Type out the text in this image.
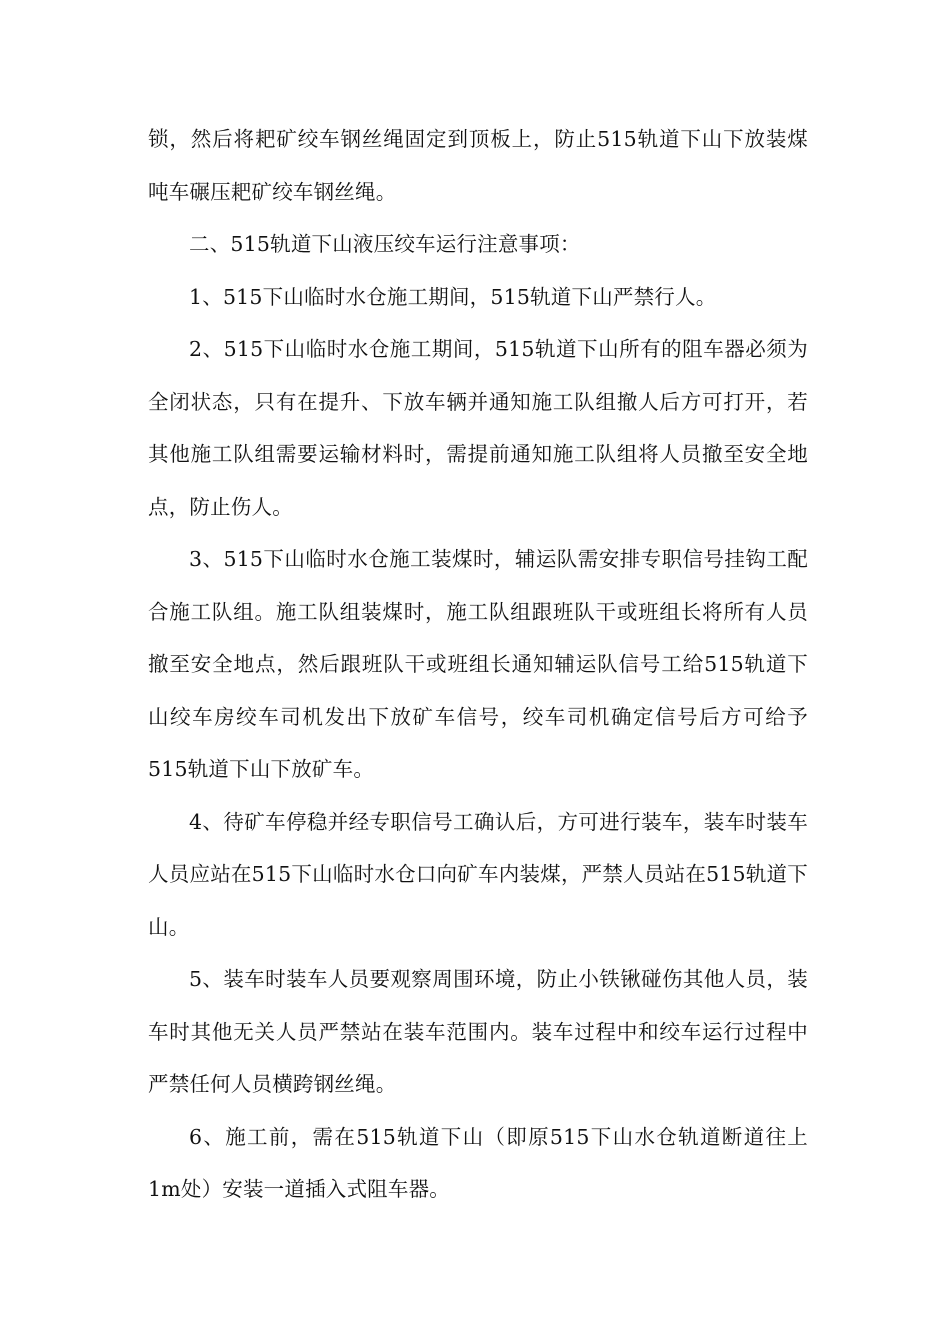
锁，然后将耙矿绞车钢丝绳固定到顶板上，防止515轨道下山下放装煤吨车碾压耙矿绞车钢丝绳。

二、515轨道下山液压绞车运行注意事项：

1、515下山临时水仓施工期间，515轨道下山严禁行人。

2、515下山临时水仓施工期间，515轨道下山所有的阻车器必须为全闭状态，只有在提升、下放车辆并通知施工队组撤人后方可打开，若其他施工队组需要运输材料时，需提前通知施工队组将人员撤至安全地点，防止伤人。

3、515下山临时水仓施工装煤时，辅运队需安排专职信号挂钩工配合施工队组。施工队组装煤时，施工队组跟班队干或班组长将所有人员撤至安全地点，然后跟班队干或班组长通知辅运队信号工给515轨道下山绞车房绞车司机发出下放矿车信号，绞车司机确定信号后方可给予515轨道下山下放矿车。

4、待矿车停稳并经专职信号工确认后，方可进行装车，装车时装车人员应站在515下山临时水仓口向矿车内装煤，严禁人员站在515轨道下山。

5、装车时装车人员要观察周围环境，防止小铁锹碰伤其他人员，装车时其他无关人员严禁站在装车范围内。装车过程中和绞车运行过程中严禁任何人员横跨钢丝绳。

6、施工前，需在515轨道下山（即原515下山水仓轨道断道往上1m处）安装一道插入式阻车器。
